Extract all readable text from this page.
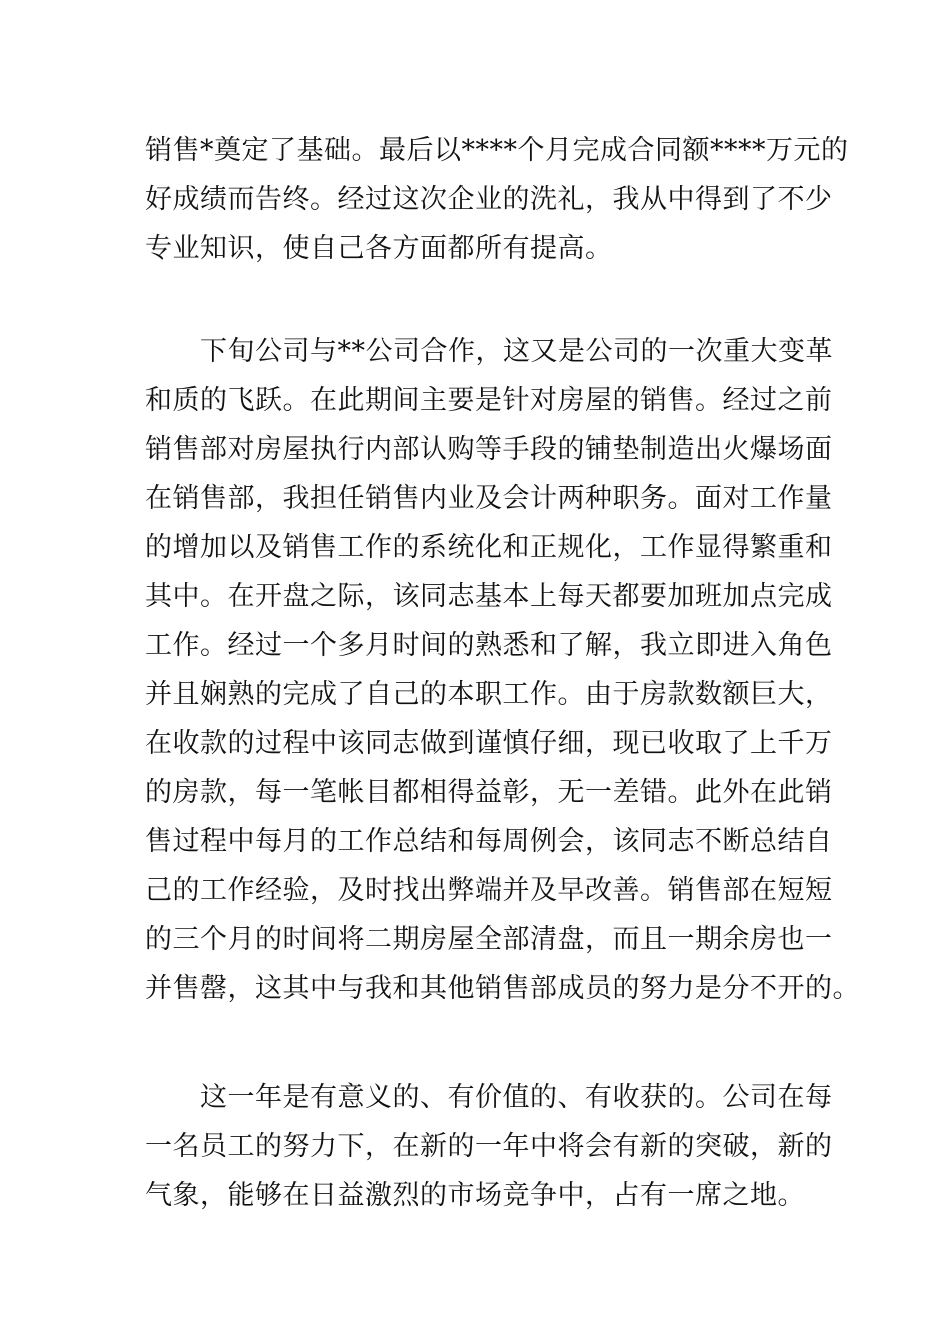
销售*奠定了基础。最后以****个月完成合同额****万元的
好成绩而告终。经过这次企业的洗礼，我从中得到了不少
专业知识，使自己各方面都所有提高。
下旬公司与**公司合作，这又是公司的一次重大变革
和质的飞跃。在此期间主要是针对房屋的销售。经过之前
销售部对房屋执行内部认购等手段的铺垫制造出火爆场面
在销售部，我担任销售内业及会计两种职务。面对工作量
的增加以及销售工作的系统化和正规化，工作显得繁重和
其中。在开盘之际，该同志基本上每天都要加班加点完成
工作。经过一个多月时间的熟悉和了解，我立即进入角色
并且娴熟的完成了自己的本职工作。由于房款数额巨大，
在收款的过程中该同志做到谨慎仔细，现已收取了上千万
的房款，每一笔帐目都相得益彰，无一差错。此外在此销
售过程中每月的工作总结和每周例会，该同志不断总结自
己的工作经验，及时找出弊端并及早改善。销售部在短短
的三个月的时间将二期房屋全部清盘，而且一期余房也一
并售罄，这其中与我和其他销售部成员的努力是分不开的。
这一年是有意义的、有价值的、有收获的。公司在每
一名员工的努力下，在新的一年中将会有新的突破，新的
气象，能够在日益激烈的市场竞争中，占有一席之地。
